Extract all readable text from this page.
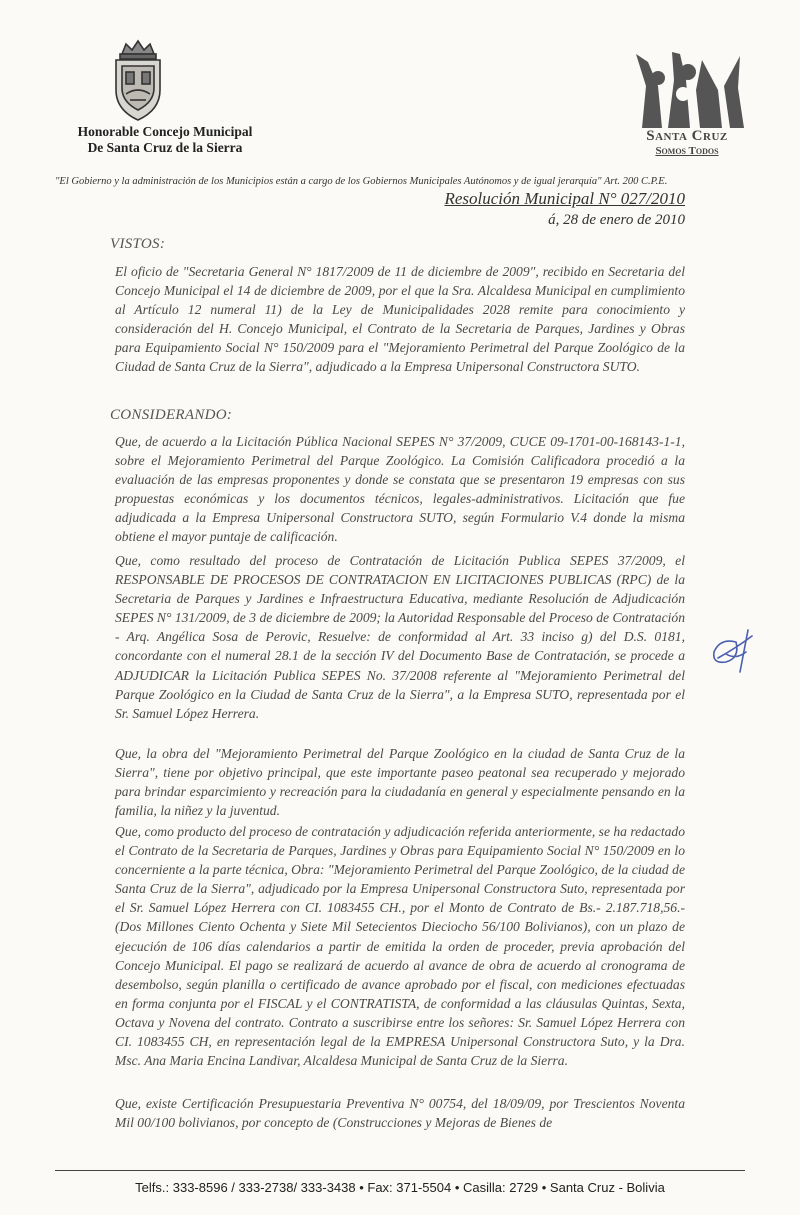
Honorable Concejo Municipal
De Santa Cruz de la Sierra
Santa Cruz
Somos Todos
"El Gobierno y la administración de los Municipios están a cargo de los Gobiernos Municipales Autónomos y de igual jerarquía" Art. 200 C.P.E.
Resolución Municipal N° 027/2010
á, 28 de enero de 2010
VISTOS:
El oficio de "Secretaria General N° 1817/2009 de 11 de diciembre de 2009", recibido en Secretaria del Concejo Municipal el 14 de diciembre de 2009, por el que la Sra. Alcaldesa Municipal en cumplimiento al Artículo 12 numeral 11) de la Ley de Municipalidades 2028 remite para conocimiento y consideración del H. Concejo Municipal, el Contrato de la Secretaria de Parques, Jardines y Obras para Equipamiento Social N° 150/2009 para el "Mejoramiento Perimetral del Parque Zoológico de la Ciudad de Santa Cruz de la Sierra", adjudicado a la Empresa Unipersonal Constructora SUTO.
CONSIDERANDO:
Que, de acuerdo a la Licitación Pública Nacional SEPES N° 37/2009, CUCE 09-1701-00-168143-1-1, sobre el Mejoramiento Perimetral del Parque Zoológico. La Comisión Calificadora procedió a la evaluación de las empresas proponentes y donde se constata que se presentaron 19 empresas con sus propuestas económicas y los documentos técnicos, legales-administrativos. Licitación que fue adjudicada a la Empresa Unipersonal Constructora SUTO, según Formulario V.4 donde la misma obtiene el mayor puntaje de calificación.
Que, como resultado del proceso de Contratación de Licitación Publica SEPES 37/2009, el RESPONSABLE DE PROCESOS DE CONTRATACION EN LICITACIONES PUBLICAS (RPC) de la Secretaria de Parques y Jardines e Infraestructura Educativa, mediante Resolución de Adjudicación SEPES N° 131/2009, de 3 de diciembre de 2009; la Autoridad Responsable del Proceso de Contratación - Arq. Angélica Sosa de Perovic, Resuelve: de conformidad al Art. 33 inciso g) del D.S. 0181, concordante con el numeral 28.1 de la sección IV del Documento Base de Contratación, se procede a ADJUDICAR la Licitación Publica SEPES No. 37/2008 referente al "Mejoramiento Perimetral del Parque Zoológico en la Ciudad de Santa Cruz de la Sierra", a la Empresa SUTO, representada por el Sr. Samuel López Herrera.
Que, la obra del "Mejoramiento Perimetral del Parque Zoológico en la ciudad de Santa Cruz de la Sierra", tiene por objetivo principal, que este importante paseo peatonal sea recuperado y mejorado para brindar esparcimiento y recreación para la ciudadanía en general y especialmente pensando en la familia, la niñez y la juventud.
Que, como producto del proceso de contratación y adjudicación referida anteriormente, se ha redactado el Contrato de la Secretaria de Parques, Jardines y Obras para Equipamiento Social N° 150/2009 en lo concerniente a la parte técnica, Obra: "Mejoramiento Perimetral del Parque Zoológico, de la ciudad de Santa Cruz de la Sierra", adjudicado por la Empresa Unipersonal Constructora Suto, representada por el Sr. Samuel López Herrera con CI. 1083455 CH., por el Monto de Contrato de Bs.- 2.187.718,56.- (Dos Millones Ciento Ochenta y Siete Mil Setecientos Dieciocho 56/100 Bolivianos), con un plazo de ejecución de 106 días calendarios a partir de emitida la orden de proceder, previa aprobación del Concejo Municipal. El pago se realizará de acuerdo al avance de obra de acuerdo al cronograma de desembolso, según planilla o certificado de avance aprobado por el fiscal, con mediciones efectuadas en forma conjunta por el FISCAL y el CONTRATISTA, de conformidad a las cláusulas Quintas, Sexta, Octava y Novena del contrato. Contrato a suscribirse entre los señores: Sr. Samuel López Herrera con CI. 1083455 CH, en representación legal de la EMPRESA Unipersonal Constructora Suto, y la Dra. Msc. Ana Maria Encina Landivar, Alcaldesa Municipal de Santa Cruz de la Sierra.
Que, existe Certificación Presupuestaria Preventiva N° 00754, del 18/09/09, por Trescientos Noventa Mil 00/100 bolivianos, por concepto de (Construcciones y Mejoras de Bienes de
Telfs.: 333-8596 / 333-2738/ 333-3438 • Fax: 371-5504 • Casilla: 2729 • Santa Cruz - Bolivia
